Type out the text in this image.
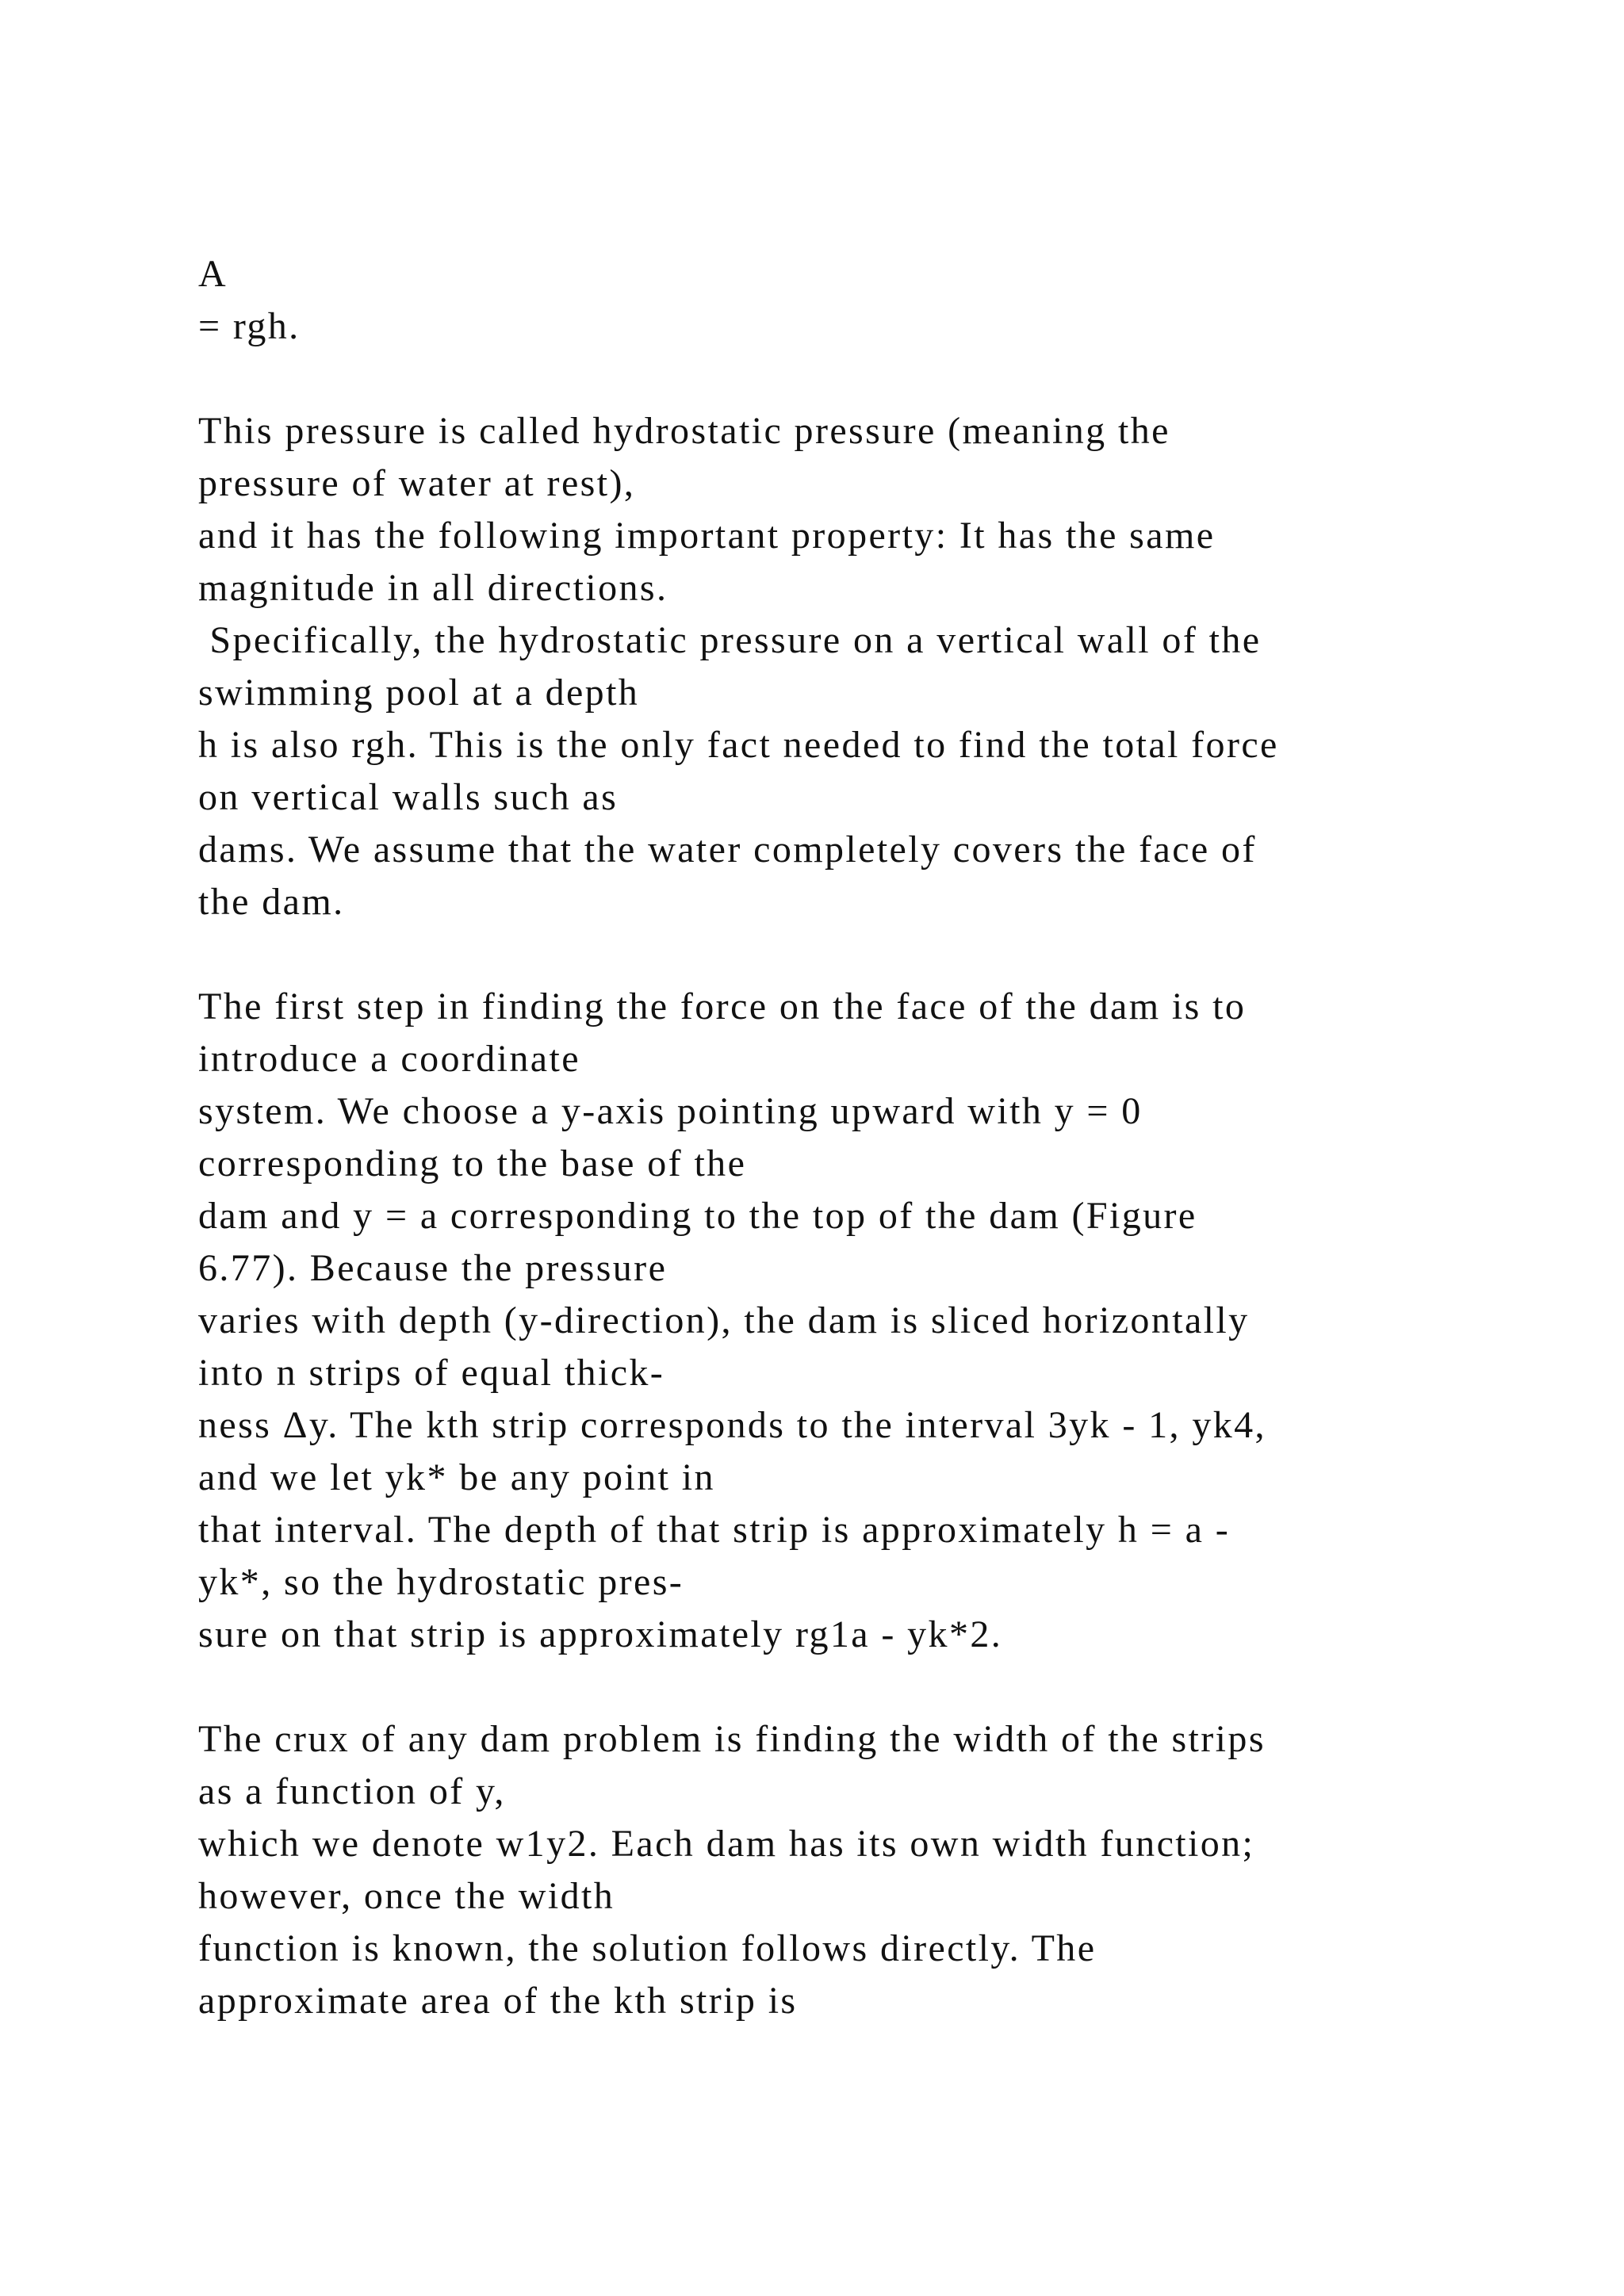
A
= rgh.
This pressure is called hydrostatic pressure (meaning the
pressure of water at rest),
and it has the following important property: It has the same
magnitude in all directions.
Specifically, the hydrostatic pressure on a vertical wall of the
swimming pool at a depth
h is also rgh. This is the only fact needed to find the total force
on vertical walls such as
dams. We assume that the water completely covers the face of
the dam.
The first step in finding the force on the face of the dam is to
introduce a coordinate
system. We choose a y-axis pointing upward with y = 0
corresponding to the base of the
dam and y = a corresponding to the top of the dam (Figure
6.77). Because the pressure
varies with depth (y-direction), the dam is sliced horizontally
into n strips of equal thick-
ness Δy. The kth strip corresponds to the interval 3yk - 1, yk4,
and we let yk* be any point in
that interval. The depth of that strip is approximately h = a -
yk*, so the hydrostatic pres-
sure on that strip is approximately rg1a - yk*2.
The crux of any dam problem is finding the width of the strips
as a function of y,
which we denote w1y2. Each dam has its own width function;
however, once the width
function is known, the solution follows directly. The
approximate area of the kth strip is
